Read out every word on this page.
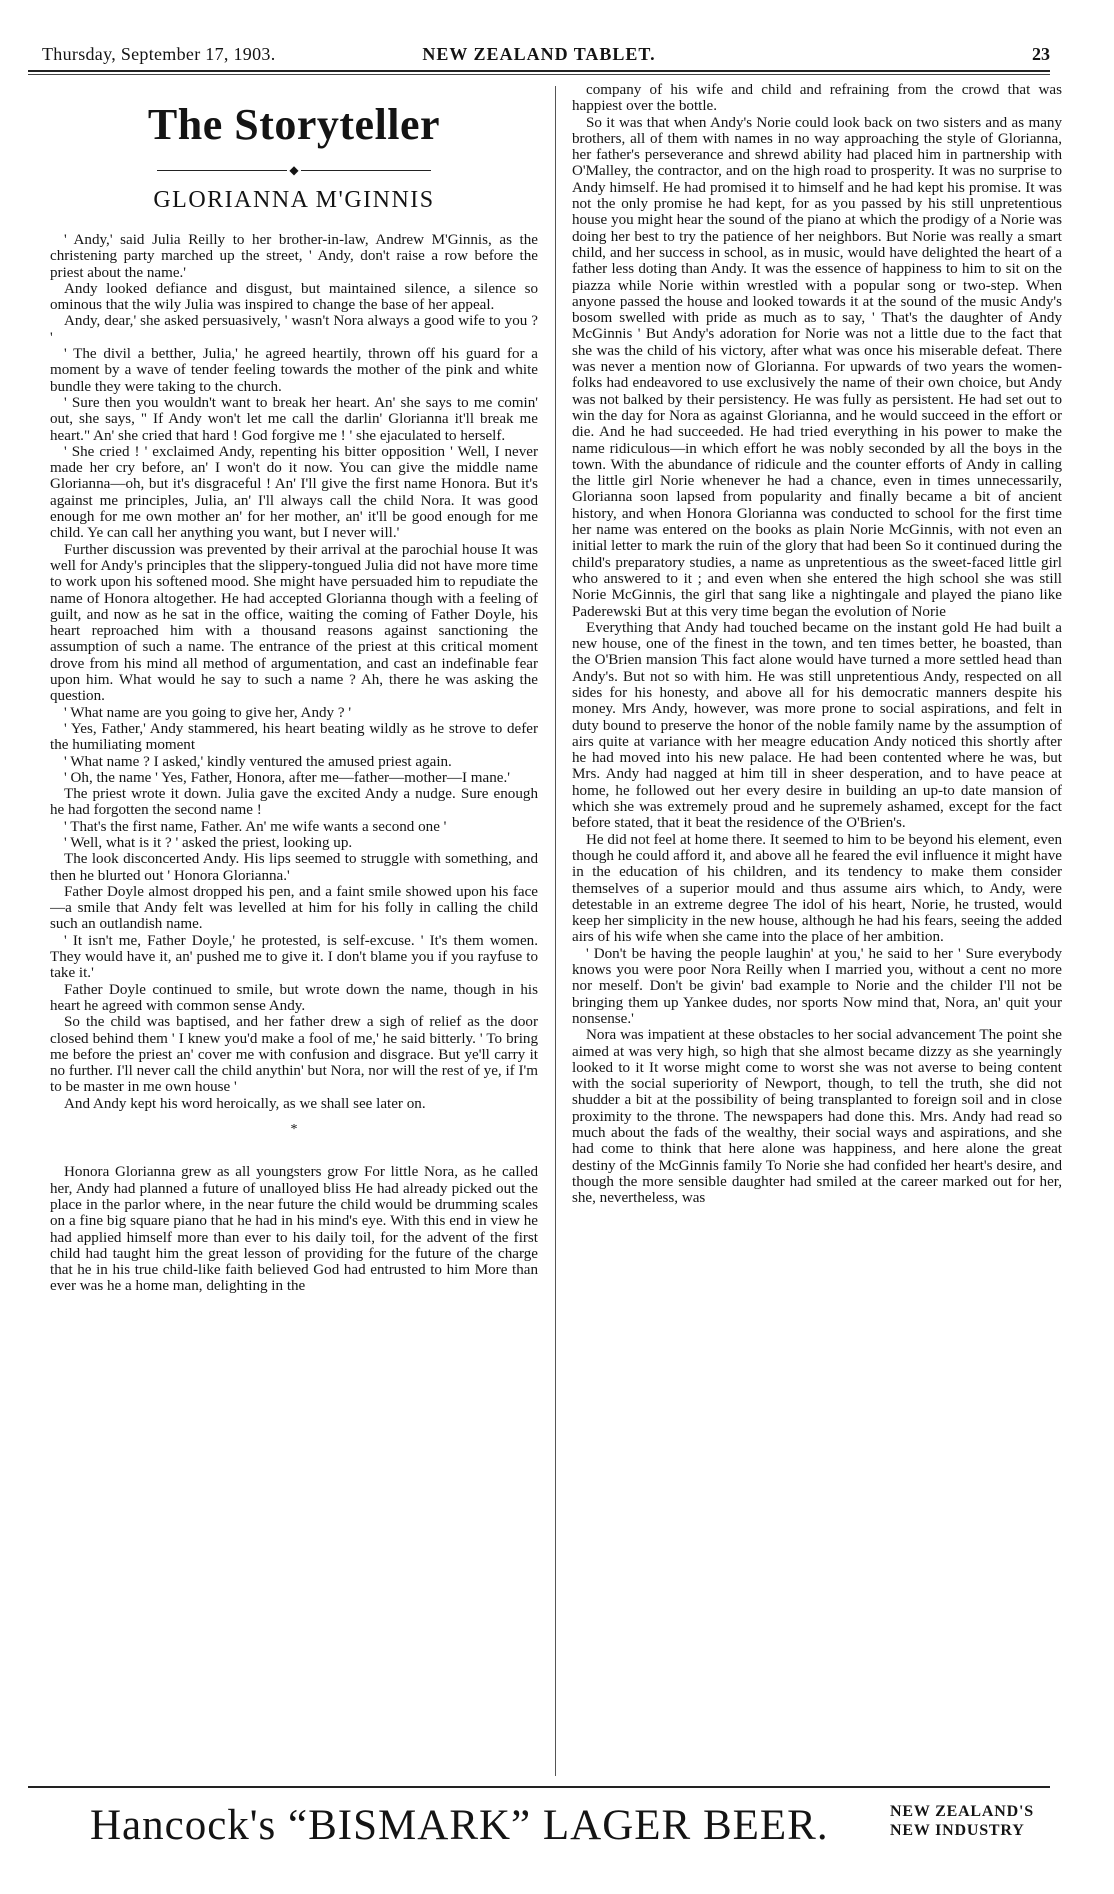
Thursday, September 17, 1903.	NEW ZEALAND TABLET.	23
The Storyteller
◆
GLORIANNA M'GINNIS

' Andy,' said Julia Reilly to her brother-in-law, Andrew M'Ginnis, as the christening party marched up the street, ' Andy, don't raise a row before the priest about the name.'

Andy looked defiance and disgust, but maintained silence, a silence so ominous that the wily Julia was inspired to change the base of her appeal.

Andy, dear,' she asked persuasively, ' wasn't Nora always a good wife to you ? '

' The divil a betther, Julia,' he agreed heartily, thrown off his guard for a moment by a wave of tender feeling towards the mother of the pink and white bundle they were taking to the church.

' Sure then you wouldn't want to break her heart. An' she says to me comin' out, she says, " If Andy won't let me call the darlin' Glorianna it'll break me heart." An' she cried that hard ! God forgive me ! ' she ejaculated to herself.

' She cried ! ' exclaimed Andy, repenting his bitter opposition ' Well, I never made her cry before, an' I won't do it now. You can give the middle name Glorianna—oh, but it's disgraceful ! An' I'll give the first name Honora. But it's against me principles, Julia, an' I'll always call the child Nora. It was good enough for me own mother an' for her mother, an' it'll be good enough for me child. Ye can call her anything you want, but I never will.'

Further discussion was prevented by their arrival at the parochial house It was well for Andy's principles that the slippery-tongued Julia did not have more time to work upon his softened mood. She might have persuaded him to repudiate the name of Honora altogether. He had accepted Glorianna though with a feeling of guilt, and now as he sat in the office, waiting the coming of Father Doyle, his heart reproached him with a thousand reasons against sanctioning the assumption of such a name. The entrance of the priest at this critical moment drove from his mind all method of argumentation, and cast an indefinable fear upon him. What would he say to such a name ? Ah, there he was asking the question.

' What name are you going to give her, Andy ? '

' Yes, Father,' Andy stammered, his heart beating wildly as he strove to defer the humiliating moment

' What name ? I asked,' kindly ventured the amused priest again.

' Oh, the name ' Yes, Father, Honora, after me—father—mother—I mane.'

The priest wrote it down. Julia gave the excited Andy a nudge. Sure enough he had forgotten the second name !

' That's the first name, Father. An' me wife wants a second one '

' Well, what is it ? ' asked the priest, looking up.

The look disconcerted Andy. His lips seemed to struggle with something, and then he blurted out ' Honora Glorianna.'

Father Doyle almost dropped his pen, and a faint smile showed upon his face—a smile that Andy felt was levelled at him for his folly in calling the child such an outlandish name.

' It isn't me, Father Doyle,' he protested, is self-excuse. ' It's them women. They would have it, an' pushed me to give it. I don't blame you if you rayfuse to take it.'

Father Doyle continued to smile, but wrote down the name, though in his heart he agreed with common sense Andy.

So the child was baptised, and her father drew a sigh of relief as the door closed behind them ' I knew you'd make a fool of me,' he said bitterly. ' To bring me before the priest an' cover me with confusion and disgrace. But ye'll carry it no further. I'll never call the child anythin' but Nora, nor will the rest of ye, if I'm to be master in me own house '

And Andy kept his word heroically, as we shall see later on.

*

Honora Glorianna grew as all youngsters grow For little Nora, as he called her, Andy had planned a future of unalloyed bliss He had already picked out the place in the parlor where, in the near future the child would be drumming scales on a fine big square piano that he had in his mind's eye. With this end in view he had applied himself more than ever to his daily toil, for the advent of the first child had taught him the great lesson of providing for the future of the charge that he in his true child-like faith believed God had entrusted to him More than ever was he a home man, delighting in the

company of his wife and child and refraining from the crowd that was happiest over the bottle.

So it was that when Andy's Norie could look back on two sisters and as many brothers, all of them with names in no way approaching the style of Glorianna, her father's perseverance and shrewd ability had placed him in partnership with O'Malley, the contractor, and on the high road to prosperity. It was no surprise to Andy himself. He had promised it to himself and he had kept his promise. It was not the only promise he had kept, for as you passed by his still unpretentious house you might hear the sound of the piano at which the prodigy of a Norie was doing her best to try the patience of her neighbors. But Norie was really a smart child, and her success in school, as in music, would have delighted the heart of a father less doting than Andy. It was the essence of happiness to him to sit on the piazza while Norie within wrestled with a popular song or two-step. When anyone passed the house and looked towards it at the sound of the music Andy's bosom swelled with pride as much as to say, ' That's the daughter of Andy McGinnis ' But Andy's adoration for Norie was not a little due to the fact that she was the child of his victory, after what was once his miserable defeat. There was never a mention now of Glorianna. For upwards of two years the women-folks had endeavored to use exclusively the name of their own choice, but Andy was not balked by their persistency. He was fully as persistent. He had set out to win the day for Nora as against Glorianna, and he would succeed in the effort or die. And he had succeeded. He had tried everything in his power to make the name ridiculous—in which effort he was nobly seconded by all the boys in the town. With the abundance of ridicule and the counter efforts of Andy in calling the little girl Norie whenever he had a chance, even in times unnecessarily, Glorianna soon lapsed from popularity and finally became a bit of ancient history, and when Honora Glorianna was conducted to school for the first time her name was entered on the books as plain Norie McGinnis, with not even an initial letter to mark the ruin of the glory that had been So it continued during the child's preparatory studies, a name as unpretentious as the sweet-faced little girl who answered to it ; and even when she entered the high school she was still Norie McGinnis, the girl that sang like a nightingale and played the piano like Paderewski But at this very time began the evolution of Norie

Everything that Andy had touched became on the instant gold He had built a new house, one of the finest in the town, and ten times better, he boasted, than the O'Brien mansion This fact alone would have turned a more settled head than Andy's. But not so with him. He was still unpretentious Andy, respected on all sides for his honesty, and above all for his democratic manners despite his money. Mrs Andy, however, was more prone to social aspirations, and felt in duty bound to preserve the honor of the noble family name by the assumption of airs quite at variance with her meagre education Andy noticed this shortly after he had moved into his new palace. He had been contented where he was, but Mrs. Andy had nagged at him till in sheer desperation, and to have peace at home, he followed out her every desire in building an up-to date mansion of which she was extremely proud and he supremely ashamed, except for the fact before stated, that it beat the residence of the O'Brien's.

He did not feel at home there. It seemed to him to be beyond his element, even though he could afford it, and above all he feared the evil influence it might have in the education of his children, and its tendency to make them consider themselves of a superior mould and thus assume airs which, to Andy, were detestable in an extreme degree The idol of his heart, Norie, he trusted, would keep her simplicity in the new house, although he had his fears, seeing the added airs of his wife when she came into the place of her ambition.

' Don't be having the people laughin' at you,' he said to her ' Sure everybody knows you were poor Nora Reilly when I married you, without a cent no more nor meself. Don't be givin' bad example to Norie and the childer I'll not be bringing them up Yankee dudes, nor sports Now mind that, Nora, an' quit your nonsense.'

Nora was impatient at these obstacles to her social advancement The point she aimed at was very high, so high that she almost became dizzy as she yearningly looked to it It worse might come to worst she was not averse to being content with the social superiority of Newport, though, to tell the truth, she did not shudder a bit at the possibility of being transplanted to foreign soil and in close proximity to the throne. The newspapers had done this. Mrs. Andy had read so much about the fads of the wealthy, their social ways and aspirations, and she had come to think that here alone was happiness, and here alone the great destiny of the McGinnis family To Norie she had confided her heart's desire, and though the more sensible daughter had smiled at the career marked out for her, she, nevertheless, was

Hancock's “BISMARK” LAGER BEER.	NEW ZEALAND'S
NEW INDUSTRY
